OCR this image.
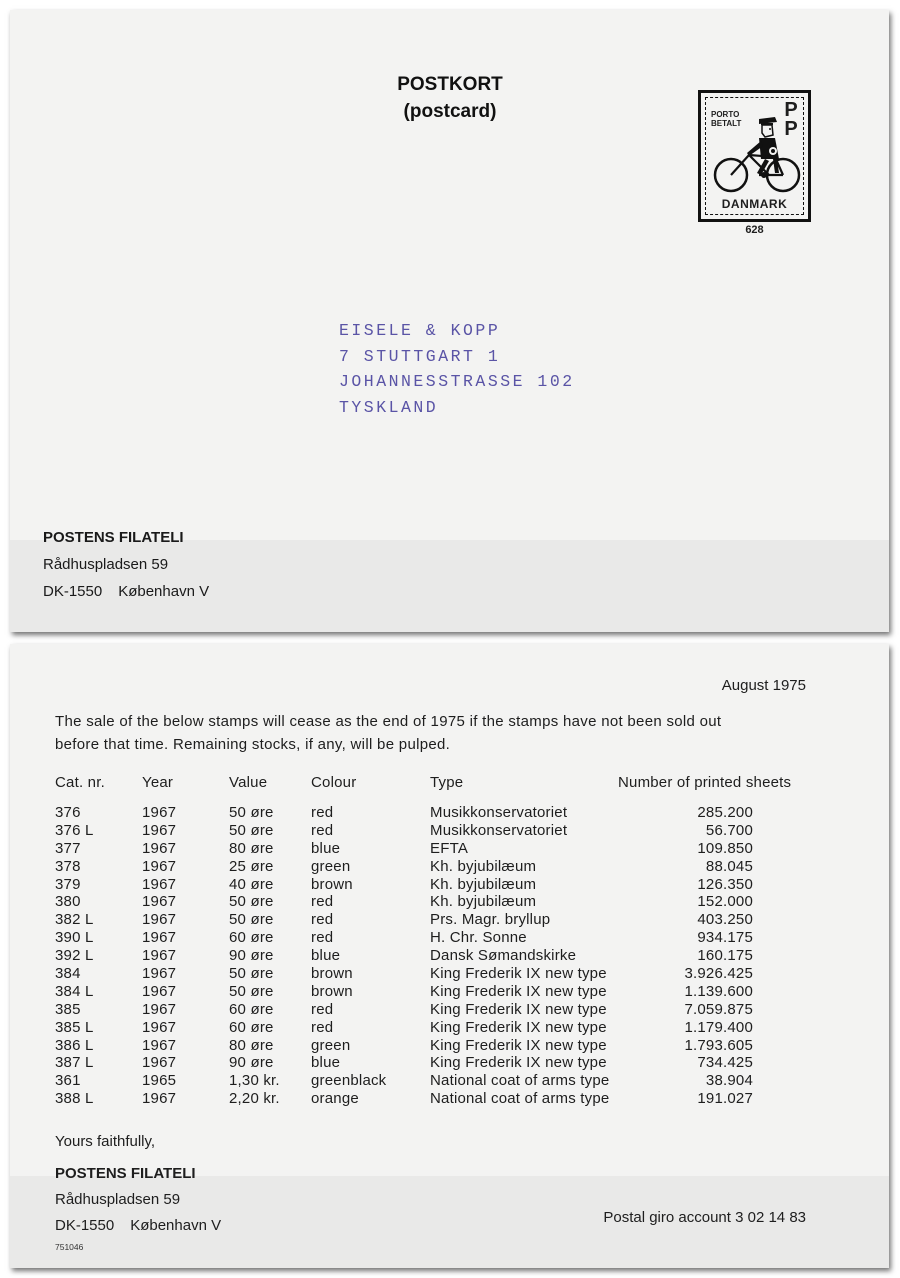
POSTKORT
(postcard)	PORTO
BETALT
P
P
DANMARK
628
EISELE & KOPP
7 STUTTGART 1
JOHANNESSTRASSE 102
TYSKLAND
POSTENS FILATELI
Rådhuspladsen 59
DK-1550 København V
August 1975
The sale of the below stamps will cease as the end of 1975 if the stamps have not been sold out
before that time. Remaining stocks, if any, will be pulped.
Cat. nr. Year	Value	Colour	Type	Number of printed sheets
376	1967	50 øre red	Musikkonservatoriet	285.200
376 L	1967	50 øre red	Musikkonservatoriet	56.700
377	1967	80 øre blue	EFTA	109.850
378	1967	25 øre green	Kh. byjubilæum	88.045
379	1967	40 øre brown	Kh. byjubilæum	126.350
380	1967	50 øre red	Kh. byjubilæum	152.000
382 L	1967	50 øre red	Prs. Magr. bryllup	403.250
390 L	1967	60 øre red	H. Chr. Sonne	934.175
392 L	1967	90 øre blue	Dansk Sømandskirke	160.175
384	1967	50 øre brown	King Frederik IX new type	3.926.425
384 L	1967	50 øre brown	King Frederik IX new type	1.139.600
385	1967	60 øre red	King Frederik IX new type	7.059.875
385 L	1967	60 øre red	King Frederik IX new type	1.179.400
386 L	1967	80 øre green	King Frederik IX new type	1.793.605
387 L	1967	90 øre blue	King Frederik IX new type	734.425
361	1965	1,30 kr. greenblack	National coat of arms type	38.904
388 L	1967	2,20 kr. orange	National coat of arms type	191.027
Yours faithfully,
POSTENS FILATELI
Rådhuspladsen 59
DK-1550 København V	Postal giro account 3 02 14 83
751046
